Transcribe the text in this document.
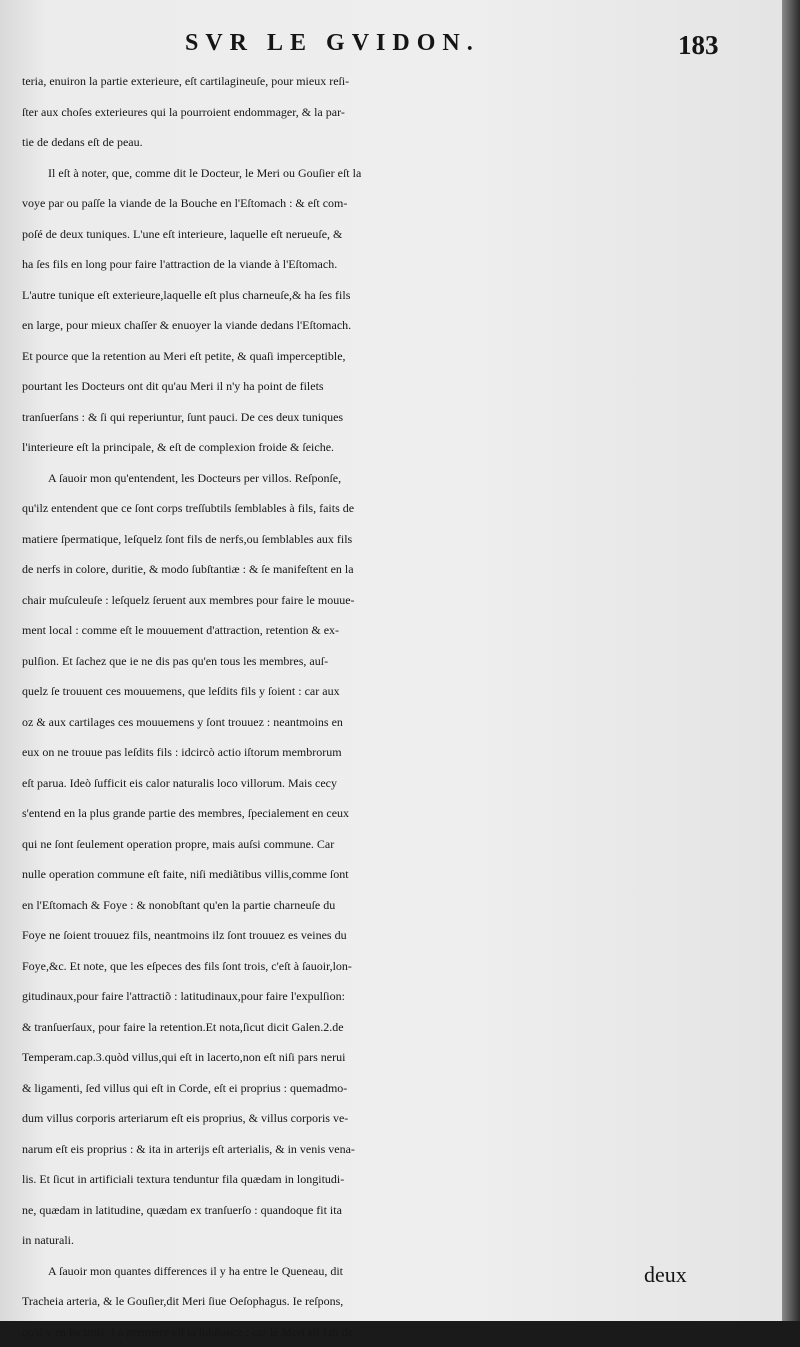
SVR LE GVIDON.	183
teria, enuiron la partie exterieure, eſt cartilagineuſe, pour mieux reſi-
ſter aux choſes exterieures qui la pourroient endommager, & la par-
tie de dedans eſt de peau.
Il eſt à noter, que, comme dit le Docteur, le Meri ou Gouſier eſt la
voye par ou paſſe la viande de la Bouche en l'Eſtomach : & eſt com-
poſé de deux tuniques. L'une eſt interieure, laquelle eſt nerueuſe, &
ha ſes fils en long pour faire l'attraction de la viande à l'Eſtomach.
L'autre tunique eſt exterieure,laquelle eſt plus charneuſe,& ha ſes fils
en large, pour mieux chaſſer & enuoyer la viande dedans l'Eſtomach.
Et pource que la retention au Meri eſt petite, & quaſi imperceptible,
pourtant les Docteurs ont dit qu'au Meri il n'y ha point de filets
tranſuerſans : & ſi qui reperiuntur, ſunt pauci. De ces deux tuniques
l'interieure eſt la principale, & eſt de complexion froide & ſeiche.
A ſauoir mon qu'entendent, les Docteurs per villos. Reſponſe,
qu'ilz entendent que ce ſont corps treſſubtils ſemblables à fils, faits de
matiere ſpermatique, leſquelz ſont fils de nerfs,ou ſemblables aux fils
de nerfs in colore, duritie, & modo ſubſtantiæ : & ſe manifeſtent en la
chair muſculeuſe : leſquelz ſeruent aux membres pour faire le mouue-
ment local : comme eſt le mouuement d'attraction, retention & ex-
pulſion. Et ſachez que ie ne dis pas qu'en tous les membres, auſ-
quelz ſe trouuent ces mouuemens, que leſdits fils y ſoient : car aux
oz & aux cartilages ces mouuemens y ſont trouuez : neantmoins en
eux on ne trouue pas leſdits fils : idcircò actio iſtorum membrorum
eſt parua. Ideò ſufficit eis calor naturalis loco villorum. Mais cecy
s'entend en la plus grande partie des membres, ſpecialement en ceux
qui ne ſont ſeulement operation propre, mais auſsi commune. Car
nulle operation commune eſt faite, niſi mediãtibus villis,comme ſont
en l'Eſtomach & Foye : & nonobſtant qu'en la partie charneuſe du
Foye ne ſoient trouuez fils, neantmoins ilz ſont trouuez es veines du
Foye,&c. Et note, que les eſpeces des fils ſont trois, c'eſt à ſauoir,lon-
gitudinaux,pour faire l'attractiõ : latitudinaux,pour faire l'expulſion:
& tranſuerſaux, pour faire la retention.Et nota,ſicut dicit Galen.2.de
Temperam.cap.3.quòd villus,qui eſt in lacerto,non eſt niſi pars nerui
& ligamenti, ſed villus qui eſt in Corde, eſt ei proprius : quemadmo-
dum villus corporis arteriarum eſt eis proprius, & villus corporis ve-
narum eſt eis proprius : & ita in arterijs eſt arterialis, & in venis vena-
lis. Et ſicut in artificiali textura tenduntur fila quædam in longitudi-
ne, quædam in latitudine, quædam ex tranſuerſo : quandoque fit ita
in naturali.
A ſauoir mon quantes differences il y ha entre le Queneau, dit
Tracheia arteria, & le Gouſier,dit Meri ſiue Oeſophagus. Ie reſpons,
qu'il y en ha trois. La premiere eſt la ſubſtance : car le Meri eſt fait de
deux
